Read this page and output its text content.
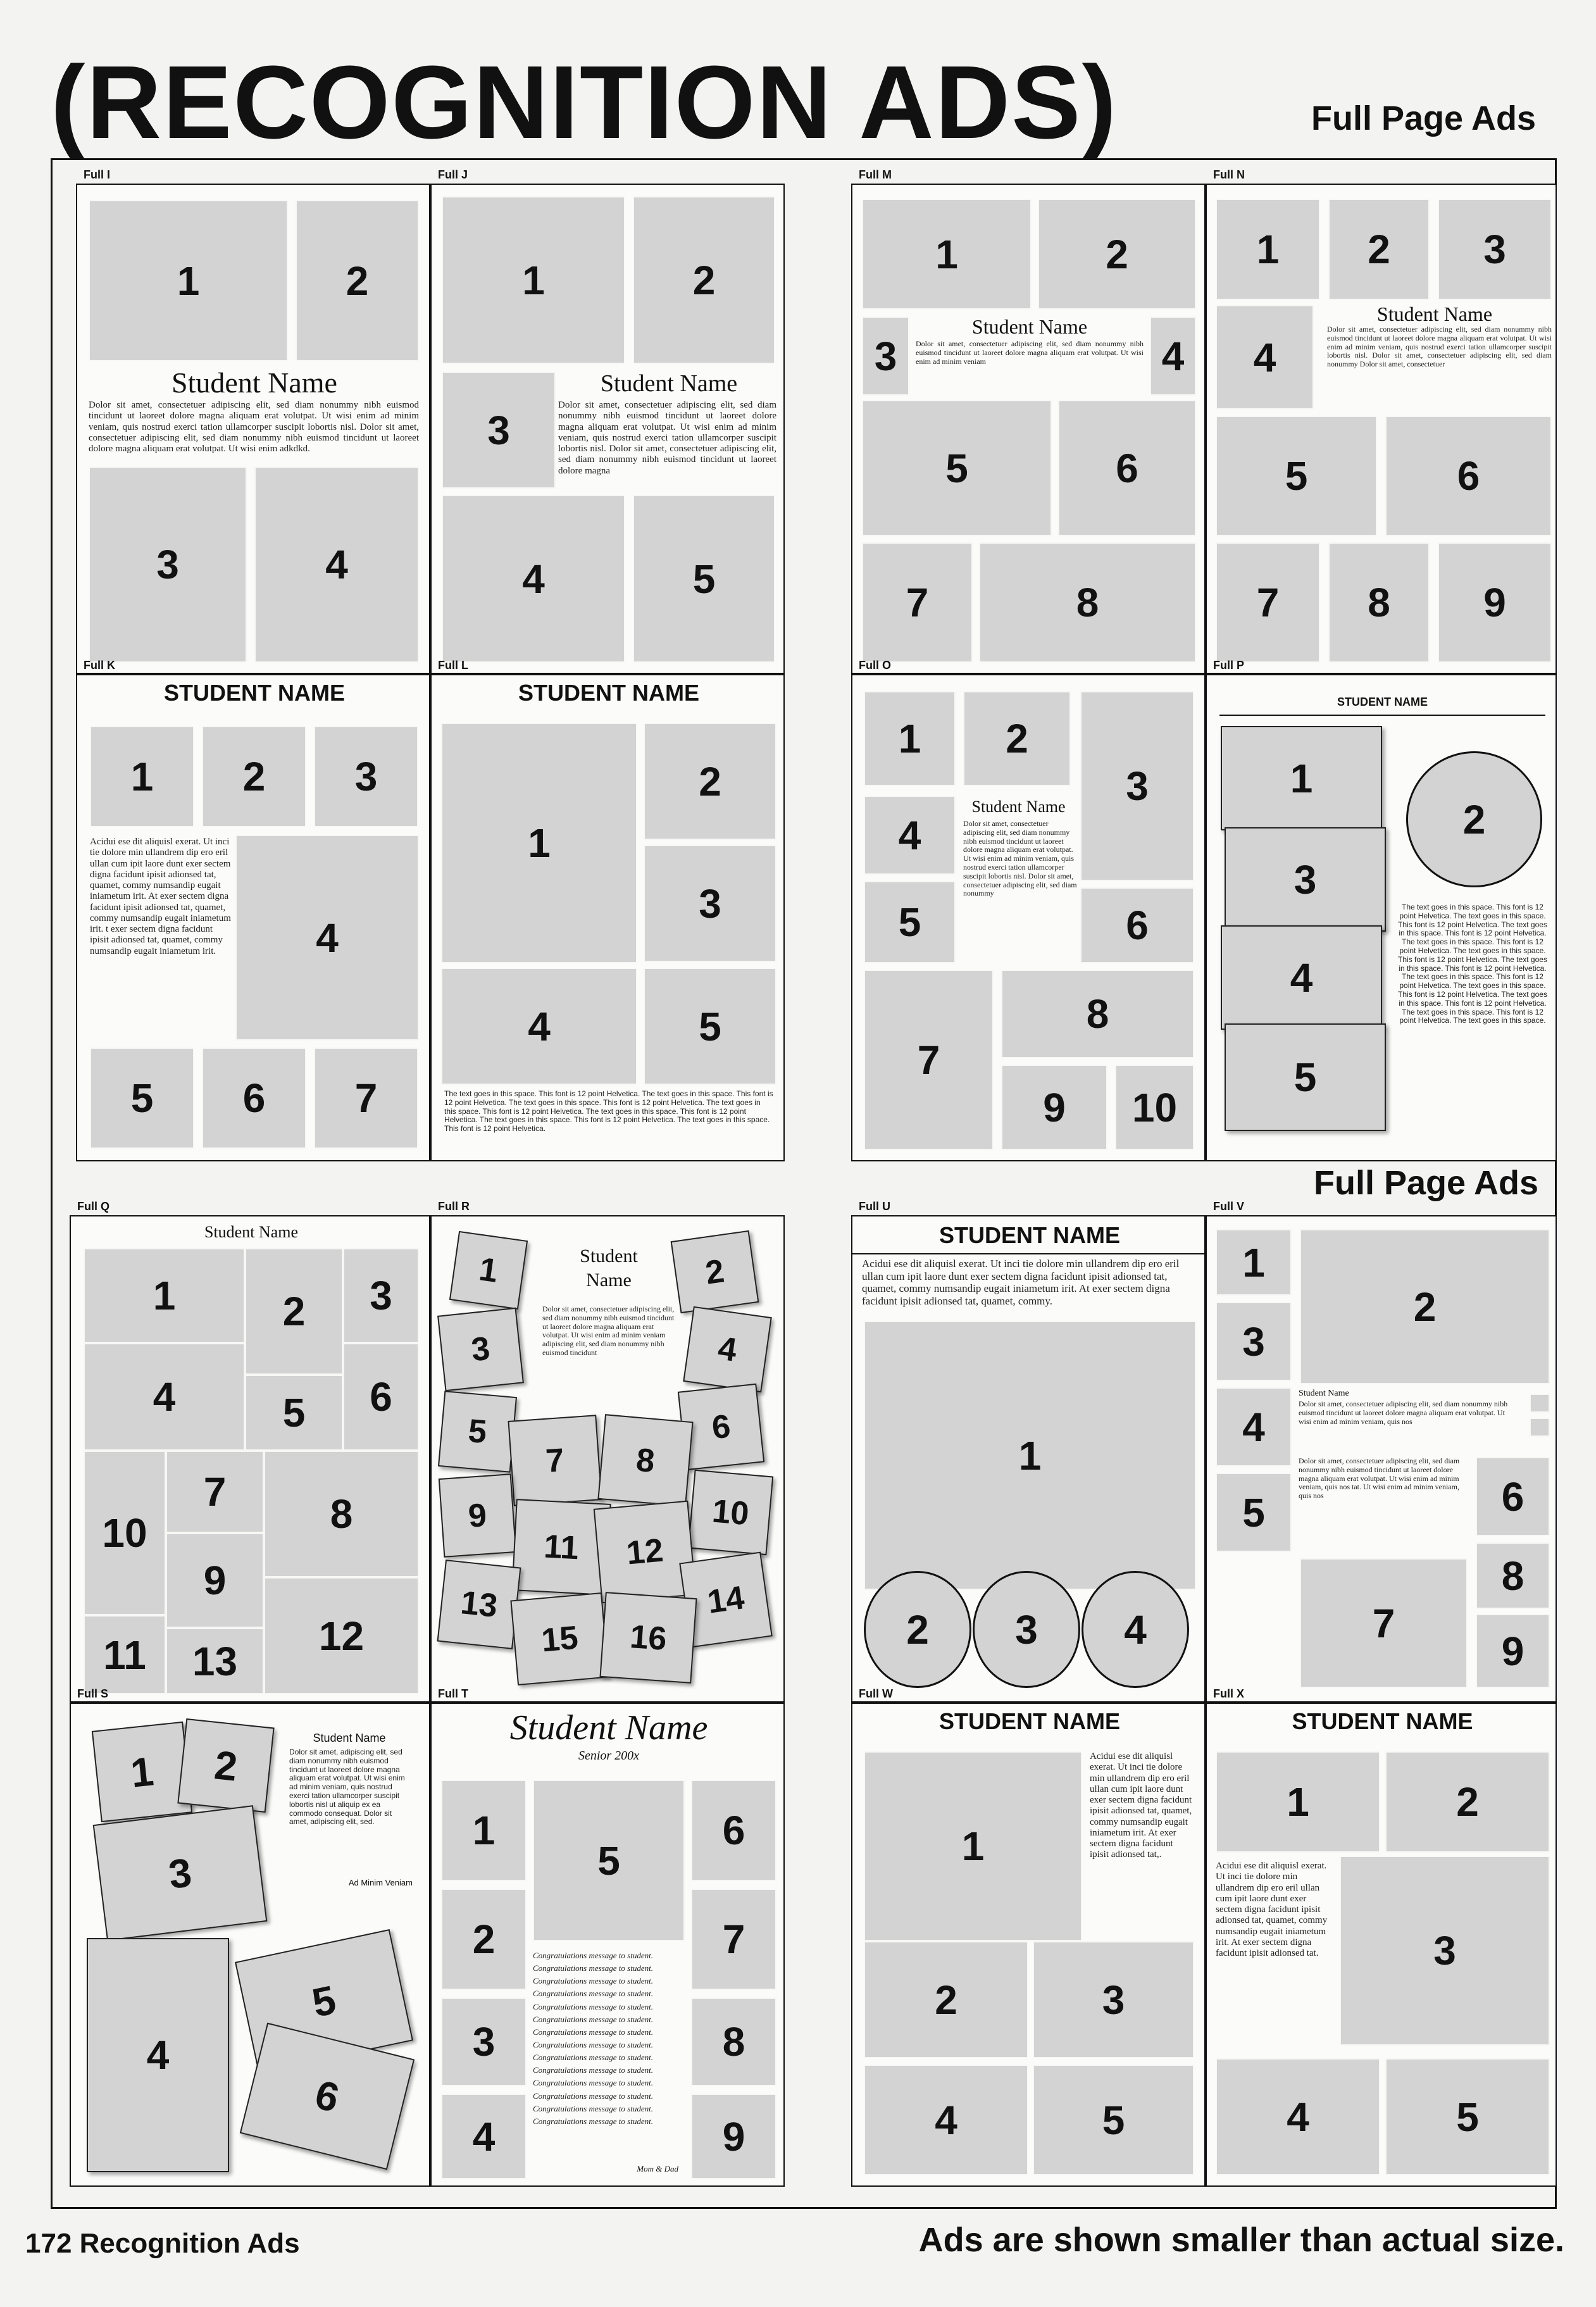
(RECOGNITION ADS)	Full Page Ads
Full Page Ads
Full I
1	2
Student Name
Dolor sit amet, consectetuer adipiscing elit, sed diam nonummy nibh euismod tincidunt ut laoreet dolore magna aliquam erat volutpat. Ut wisi enim ad minim veniam, quis nostrud exerci tation ullamcorper suscipit lobortis nisl. Dolor sit amet, consectetuer adipiscing elit, sed diam nonummy nibh euismod tincidunt ut laoreet dolore magna aliquam erat volutpat. Ut wisi enim adkdkd.
3	4
Full J
1	2
3
Student Name
Dolor sit amet, consectetuer adipiscing elit, sed diam nonummy nibh euismod tincidunt ut laoreet dolore magna aliquam erat volutpat. Ut wisi enim ad minim veniam, quis nostrud exerci tation ullamcorper suscipit lobortis nisl. Dolor sit amet, consectetuer adipiscing elit, sed diam nonummy nibh euismod tincidunt ut laoreet dolore magna
4	5
Full K
STUDENT NAME
1	2	3
Acidui ese dit aliquisl exerat. Ut inci tie dolore min ullandrem dip ero eril ullan cum ipit laore dunt exer sectem digna facidunt ipisit adionsed tat, quamet, commy numsandip eugait iniametum irit. At exer sectem digna facidunt ipisit adionsed tat, quamet, commy numsandip eugait iniametum irit. t exer sectem digna facidunt ipisit adionsed tat, quamet, commy numsandip eugait iniametum irit.	4
5	6	7
Full L
STUDENT NAME
1
2
3
4	5
The text goes in this space. This font is 12 point Helvetica. The text goes in this space. This font is 12 point Helvetica. The text goes in this space. This font is 12 point Helvetica. The text goes in this space. This font is 12 point Helvetica. The text goes in this space. This font is 12 point Helvetica. The text goes in this space. This font is 12 point Helvetica. The text goes in this space. This font is 12 point Helvetica.
Full M
1	2
3
Student Name
Dolor sit amet, consectetuer adipiscing elit, sed diam nonummy nibh euismod tincidunt ut laoreet dolore magna aliquam erat volutpat. Ut wisi enim ad minim veniam	4
5	6
7	8
Full N
1	2	3
4
Student Name
Dolor sit amet, consectetuer adipiscing elit, sed diam nonummy nibh euismod tincidunt ut laoreet dolore magna aliquam erat volutpat. Ut wisi enim ad minim veniam, quis nostrud exerci tation ullamcorper suscipit lobortis nisl. Dolor sit amet, consectetuer adipiscing elit, sed diam nonummy Dolor sit amet, consectetuer
5	6
7	8	9
Full O
1	2
3
4
Student Name
Dolor sit amet, consectetuer adipiscing elit, sed diam nonummy nibh euismod tincidunt ut laoreet dolore magna aliquam erat volutpat. Ut wisi enim ad minim veniam, quis nostrud exerci tation ullamcorper suscipit lobortis nisl. Dolor sit amet, consectetuer adipiscing elit, sed diam nonummy
5	6
7
8
9	10
Full P
STUDENT NAME
1
2
3
4
5
The text goes in this space. This font is 12 point Helvetica. The text goes in this space. This font is 12 point Helvetica. The text goes in this space. This font is 12 point Helvetica. The text goes in this space. This font is 12 point Helvetica. The text goes in this space. This font is 12 point Helvetica. The text goes in this space. This font is 12 point Helvetica. The text goes in this space. This font is 12 point Helvetica. The text goes in this space. This font is 12 point Helvetica. The text goes in this space. This font is 12 point Helvetica. The text goes in this space. This font is 12 point Helvetica. The text goes in this space.
Full Q
Student Name
1	2	3
4	5	6
7	8
9
10
11	12
13
Full R
Student
Name
Dolor sit amet, consectetuer adipiscing elit, sed diam nonummy nibh euismod tincidunt ut laoreet dolore magna aliquam erat volutpat. Ut wisi enim ad minim veniam adipiscing elit, sed diam nonummy nibh euismod tincidunt
1	2
3	4
5	6
7	8
9	10
11	12
13	14
15	16
Full S
1	2
3
Student Name
Dolor sit amet, adipiscing elit, sed diam nonummy nibh euismod tincidunt ut laoreet dolore magna aliquam erat volutpat. Ut wisi enim ad minim veniam, quis nostrud exerci tation ullamcorper suscipit lobortis nisl ut aliquip ex ea commodo consequat. Dolor sit amet, adipiscing elit, sed.
Ad Minim Veniam
4
5
6
Full T
Student Name
Senior 200x
1
2
3
4
5
Congratulations message to student. Congratulations message to student. Congratulations message to student. Congratulations message to student. Congratulations message to student. Congratulations message to student. Congratulations message to student. Congratulations message to student. Congratulations message to student. Congratulations message to student. Congratulations message to student. Congratulations message to student. Congratulations message to student. Congratulations message to student.
Mom & Dad
6
7
8
9
Full U
STUDENT NAME
Acidui ese dit aliquisl exerat. Ut inci tie dolore min ullandrem dip ero eril ullan cum ipit laore dunt exer sectem digna facidunt ipisit adionsed tat, quamet, commy numsandip eugait iniametum irit. At exer sectem digna facidunt ipisit adionsed tat, quamet, commy.
1
2	3	4
Full V
1
2
3
4
5
Student Name
Dolor sit amet, consectetuer adipiscing elit, sed diam nonummy nibh euismod tincidunt ut laoreet dolore magna aliquam erat volutpat. Ut wisi enim ad minim veniam, quis nos
Dolor sit amet, consectetuer adipiscing elit, sed diam nonummy nibh euismod tincidunt ut laoreet dolore magna aliquam erat volutpat. Ut wisi enim ad minim veniam, quis nos tat. Ut wisi enim ad minim veniam, quis nos	6
7
8
9
Full W
STUDENT NAME
1
Acidui ese dit aliquisl exerat. Ut inci tie dolore min ullandrem dip ero eril ullan cum ipit laore dunt exer sectem digna facidunt ipisit adionsed tat, quamet, commy numsandip eugait iniametum irit. At exer sectem digna facidunt ipisit adionsed tat,.
2	3
4	5
Full X
STUDENT NAME
1	2
Acidui ese dit aliquisl exerat. Ut inci tie dolore min ullandrem dip ero eril ullan cum ipit laore dunt exer sectem digna facidunt ipisit adionsed tat, quamet, commy numsandip eugait iniametum irit. At exer sectem digna facidunt ipisit adionsed tat.	3
4	5
172 Recognition Ads	Ads are shown smaller than actual size.
